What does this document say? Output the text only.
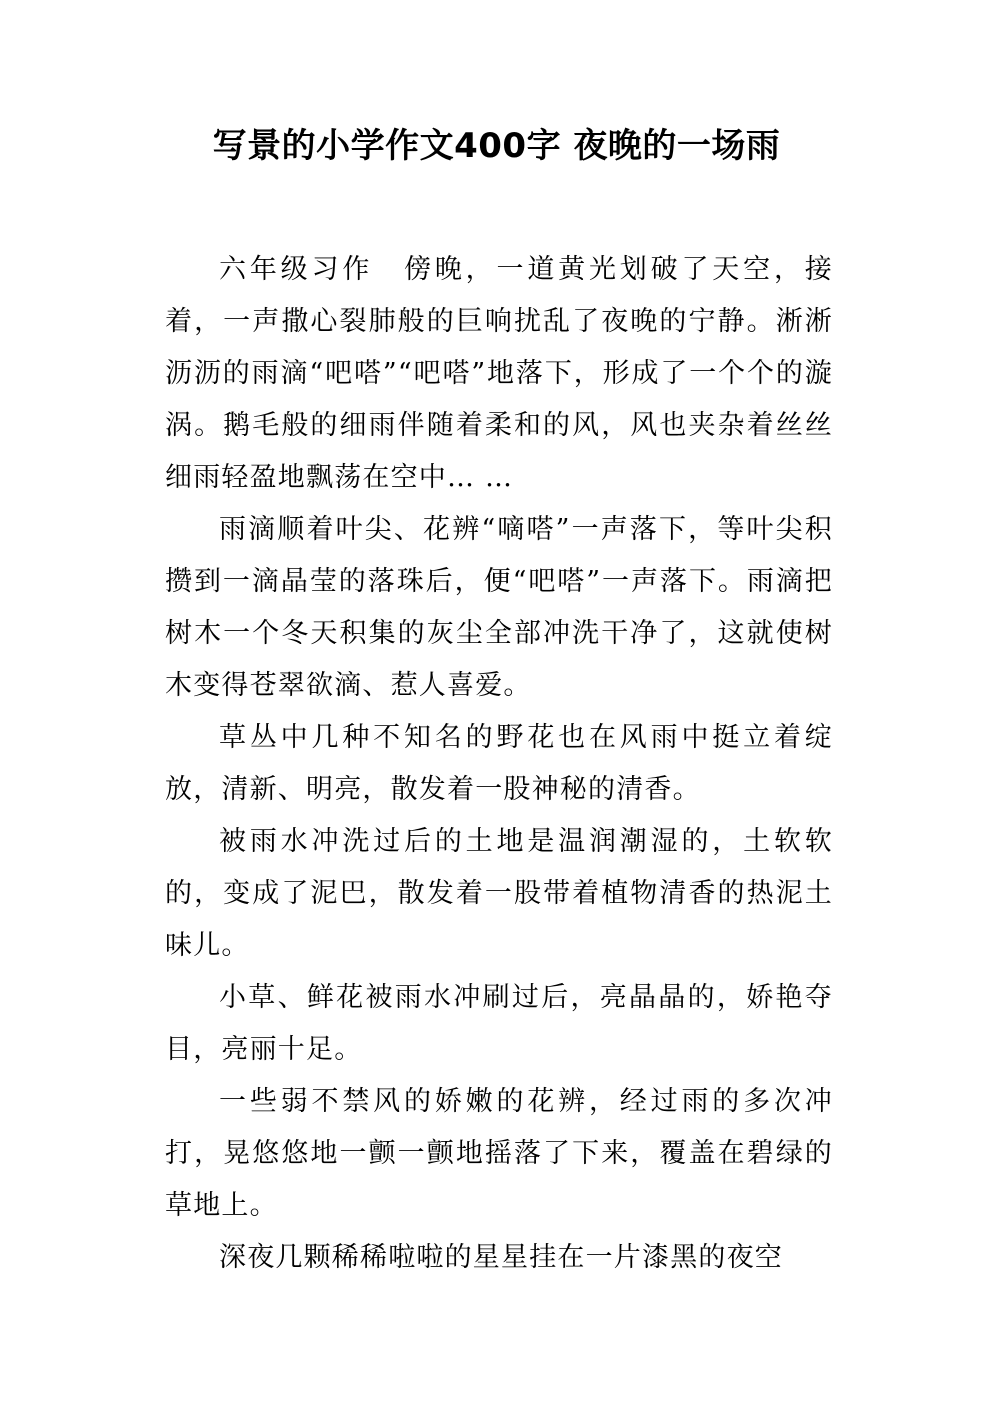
写景的小学作文400字 夜晚的一场雨

六年级习作　傍晚，一道黄光划破了天空，接着，一声撒心裂肺般的巨响扰乱了夜晚的宁静。淅淅沥沥的雨滴“吧嗒”“吧嗒”地落下，形成了一个个的漩涡。鹅毛般的细雨伴随着柔和的风，风也夹杂着丝丝细雨轻盈地飘荡在空中… …

雨滴顺着叶尖、花辨“嘀嗒”一声落下，等叶尖积攒到一滴晶莹的落珠后，便“吧嗒”一声落下。雨滴把树木一个冬天积集的灰尘全部冲洗干净了，这就使树木变得苍翠欲滴、惹人喜爱。

草丛中几种不知名的野花也在风雨中挺立着绽放，清新、明亮，散发着一股神秘的清香。

被雨水冲洗过后的土地是温润潮湿的，土软软的，变成了泥巴，散发着一股带着植物清香的热泥土味儿。

小草、鲜花被雨水冲刷过后，亮晶晶的，娇艳夺目，亮丽十足。

一些弱不禁风的娇嫩的花辨，经过雨的多次冲打，晃悠悠地一颤一颤地摇落了下来，覆盖在碧绿的草地上。

深夜几颗稀稀啦啦的星星挂在一片漆黑的夜空
